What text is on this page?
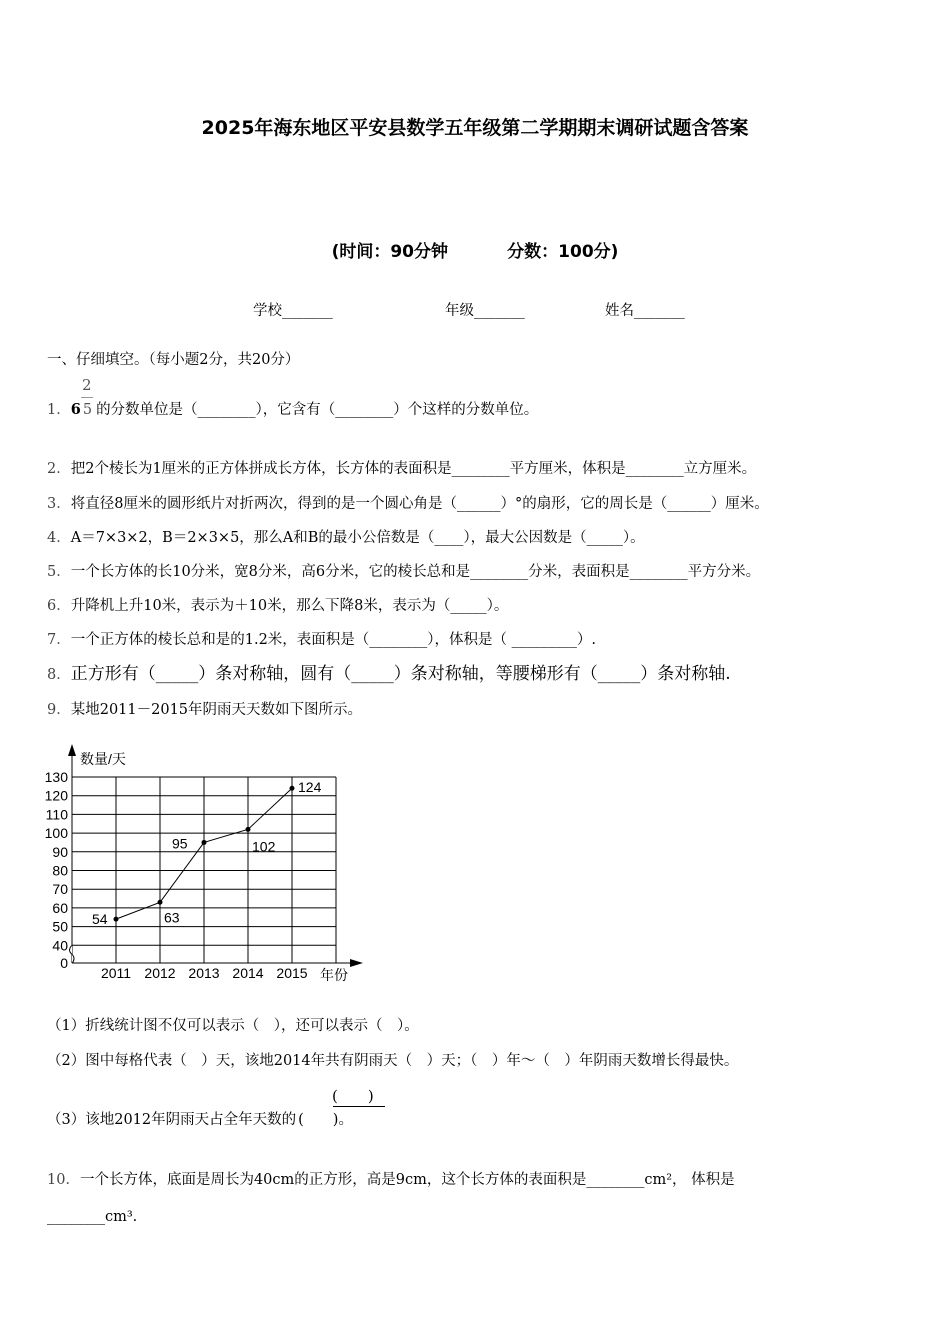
2025年海东地区平安县数学五年级第二学期期末调研试题含答案
(时间：90分钟          分数：100分)
学校_______	年级_______	姓名_______
一、仔细填空。（每小题2分，共20分）
2
1．6 5 的分数单位是（________），它含有（________）个这样的分数单位。
2．把2个棱长为1厘米的正方体拼成长方体，长方体的表面积是________平方厘米，体积是________立方厘米。
3．将直径8厘米的圆形纸片对折两次，得到的是一个圆心角是（______）°的扇形，它的周长是（______）厘米。
4．A＝7×3×2，B＝2×3×5，那么A和B的最小公倍数是（____），最大公因数是（_____）。
5．一个长方体的长10分米，宽8分米，高6分米，它的棱长总和是________分米，表面积是________平方分米。
6．升降机上升10米，表示为＋10米，那么下降8米，表示为（_____）。
7．一个正方体的棱长总和是的1.2米，表面积是（________），体积是（ _________）.
8．正方形有（_____）条对称轴，圆有（_____）条对称轴，等腰梯形有（_____）条对称轴.
9．某地2011－2015年阴雨天天数如下图所示。
数量/天
年份
0
40
50
60
70
80
90
100
110
120
130
2011 2012 2013 2014 2015
54	63
95	102
124
（1）折线统计图不仅可以表示（　），还可以表示（　）。
（2）图中每格代表（　）天，该地2014年共有阴雨天（　）天；（　）年～（　）年阴雨天数增长得最快。
(　　)
（3）该地2012年阴雨天占全年天数的 (　　)。
10．一个长方体，底面是周长为40cm的正方形，高是9cm，这个长方体的表面积是________cm²， 体积是
________cm³.
